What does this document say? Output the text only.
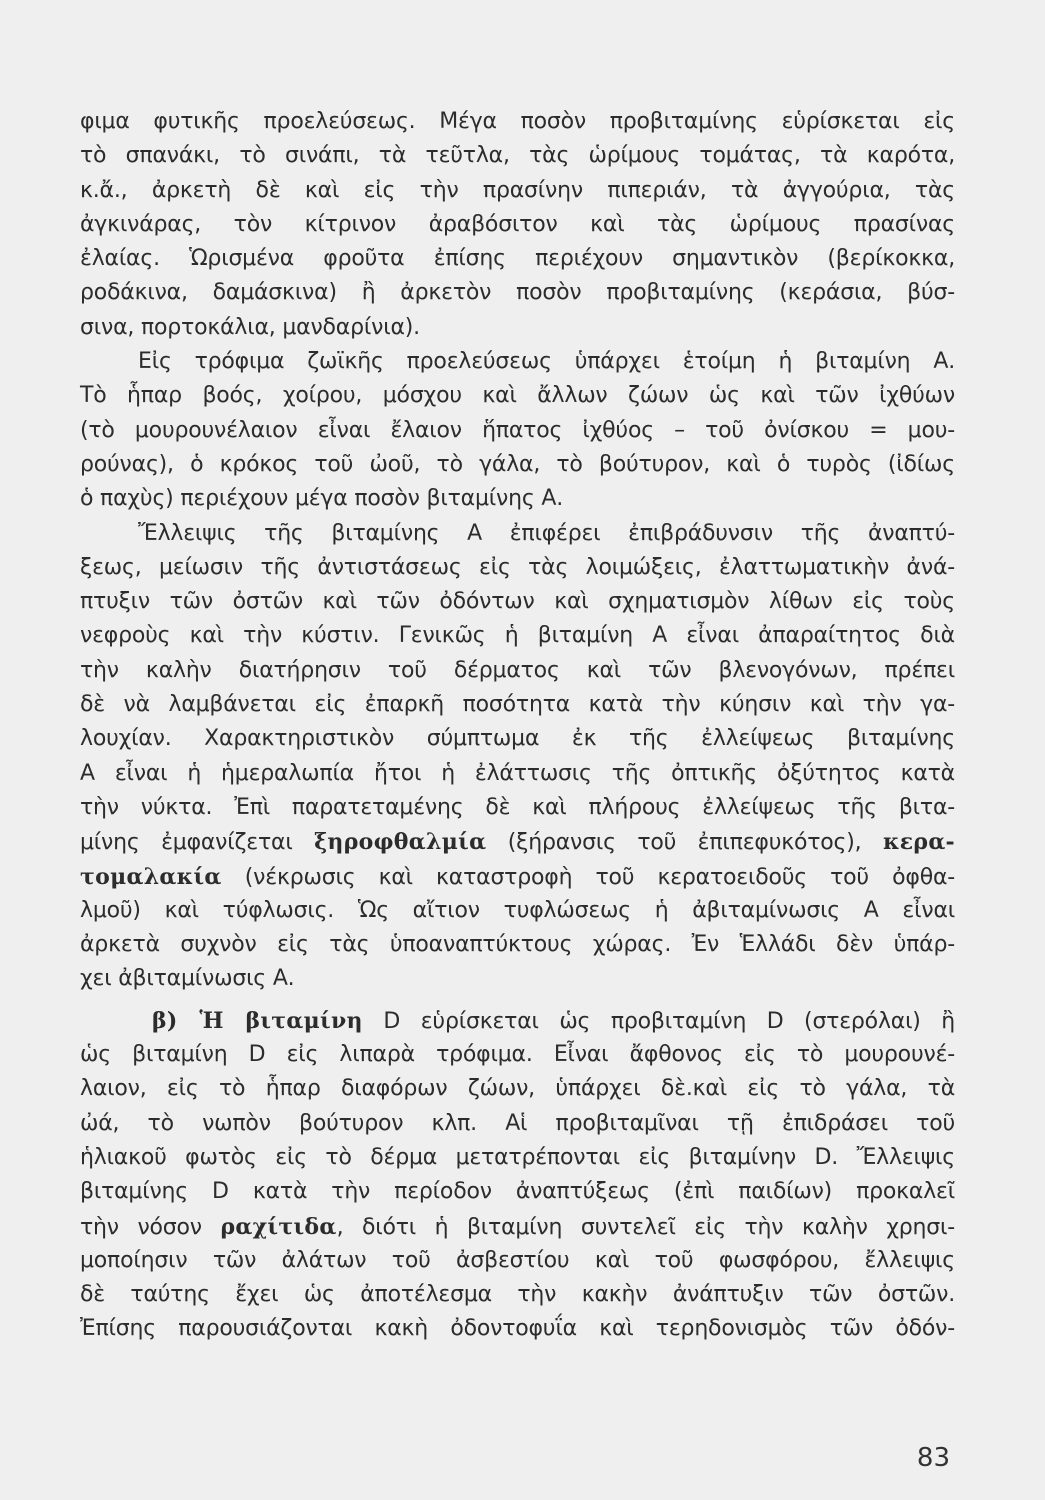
φιμα φυτικῆς προελεύσεως. Μέγα ποσὸν προβιταμίνης εὑρίσκεται εἰς
τὸ σπανάκι, τὸ σινάπι, τὰ τεῦτλα, τὰς ὡρίμους τομάτας, τὰ καρότα,
κ.ἄ., ἀρκετὴ δὲ καὶ εἰς τὴν πρασίνην πιπεριάν, τὰ ἀγγούρια, τὰς
ἀγκινάρας, τὸν κίτρινον ἀραβόσιτον καὶ τὰς ὡρίμους πρασίνας
ἐλαίας. Ὡρισμένα φροῦτα ἐπίσης περιέχουν σημαντικὸν (βερίκοκκα,
ροδάκινα, δαμάσκινα) ἢ ἀρκετὸν ποσὸν προβιταμίνης (κεράσια, βύσ-
σινα, πορτοκάλια, μανδαρίνια).
Εἰς τρόφιμα ζωϊκῆς προελεύσεως ὑπάρχει ἑτοίμη ἡ βιταμίνη Α.
Τὸ ἧπαρ βοός, χοίρου, μόσχου καὶ ἄλλων ζώων ὡς καὶ τῶν ἰχθύων
(τὸ μουρουνέλαιον εἶναι ἔλαιον ἥπατος ἰχθύος – τοῦ ὀνίσκου = μου-
ρούνας), ὁ κρόκος τοῦ ὠοῦ, τὸ γάλα, τὸ βούτυρον, καὶ ὁ τυρὸς (ἰδίως
ὁ παχὺς) περιέχουν μέγα ποσὸν βιταμίνης Α.
Ἔλλειψις τῆς βιταμίνης Α ἐπιφέρει ἐπιβράδυνσιν τῆς ἀναπτύ-
ξεως, μείωσιν τῆς ἀντιστάσεως εἰς τὰς λοιμώξεις, ἐλαττωματικὴν ἀνά-
πτυξιν τῶν ὀστῶν καὶ τῶν ὀδόντων καὶ σχηματισμὸν λίθων εἰς τοὺς
νεφροὺς καὶ τὴν κύστιν. Γενικῶς ἡ βιταμίνη Α εἶναι ἀπαραίτητος διὰ
τὴν καλὴν διατήρησιν τοῦ δέρματος καὶ τῶν βλενογόνων, πρέπει
δὲ νὰ λαμβάνεται εἰς ἐπαρκῆ ποσότητα κατὰ τὴν κύησιν καὶ τὴν γα-
λουχίαν. Χαρακτηριστικὸν σύμπτωμα ἐκ τῆς ἐλλείψεως βιταμίνης
Α εἶναι ἡ ἡμεραλωπία ἤτοι ἡ ἐλάττωσις τῆς ὀπτικῆς ὀξύτητος κατὰ
τὴν νύκτα. Ἐπὶ παρατεταμένης δὲ καὶ πλήρους ἐλλείψεως τῆς βιτα-
μίνης ἐμφανίζεται ξηροφθαλμία (ξήρανσις τοῦ ἐπιπεφυκότος), κερα-
τομαλακία (νέκρωσις καὶ καταστροφὴ τοῦ κερατοειδοῦς τοῦ ὀφθα-
λμοῦ) καὶ τύφλωσις. Ὡς αἴτιον τυφλώσεως ἡ ἀβιταμίνωσις Α εἶναι
ἀρκετὰ συχνὸν εἰς τὰς ὑποαναπτύκτους χώρας. Ἐν Ἑλλάδι δὲν ὑπάρ-
χει ἀβιταμίνωσις Α.
β) Ἡ βιταμίνη D εὑρίσκεται ὡς προβιταμίνη D (στερόλαι) ἢ
ὡς βιταμίνη D εἰς λιπαρὰ τρόφιμα. Εἶναι ἄφθονος εἰς τὸ μουρουνέ-
λαιον, εἰς τὸ ἧπαρ διαφόρων ζώων, ὑπάρχει δὲ.καὶ εἰς τὸ γάλα, τὰ
ὠά, τὸ νωπὸν βούτυρον κλπ. Αἱ προβιταμῖναι τῇ ἐπιδράσει τοῦ
ἡλιακοῦ φωτὸς εἰς τὸ δέρμα μετατρέπονται εἰς βιταμίνην D. Ἔλλειψις
βιταμίνης D κατὰ τὴν περίοδον ἀναπτύξεως (ἐπὶ παιδίων) προκαλεῖ
τὴν νόσον ραχίτιδα, διότι ἡ βιταμίνη συντελεῖ εἰς τὴν καλὴν χρησι-
μοποίησιν τῶν ἀλάτων τοῦ ἀσβεστίου καὶ τοῦ φωσφόρου, ἔλλειψις
δὲ ταύτης ἔχει ὡς ἀποτέλεσμα τὴν κακὴν ἀνάπτυξιν τῶν ὀστῶν.
Ἐπίσης παρουσιάζονται κακὴ ὀδοντοφυΐα καὶ τερηδονισμὸς τῶν ὀδόν-
83
